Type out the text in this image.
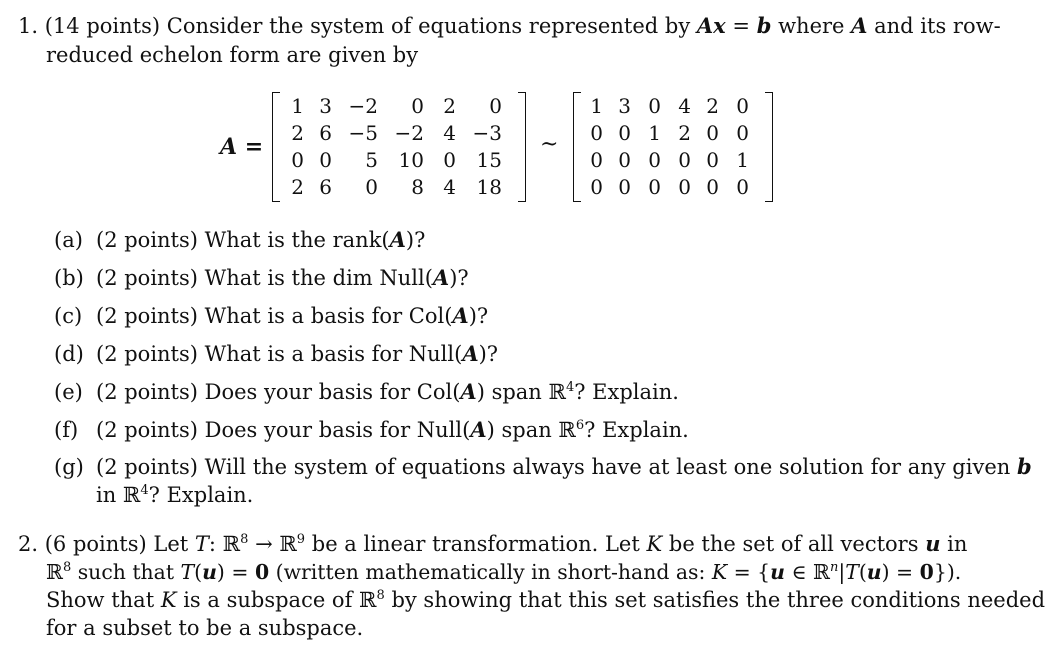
1. (14 points) Consider the system of equations represented by Ax = b where A and its row-
reduced echelon form are given by
A =
1	3	−2	0	2	0
2	6	−5	−2	4	−3
0	0	5	10	0	15
2	6	0	8	4	18
~
1	3	0	4	2	0
0	0	1	2	0	0
0	0	0	0	0	1
0	0	0	0	0	0
(a) (2 points) What is the rank(A)?
(b) (2 points) What is the dim Null(A)?
(c) (2 points) What is a basis for Col(A)?
(d) (2 points) What is a basis for Null(A)?
(e) (2 points) Does your basis for Col(A) span ℝ$^4$? Explain.
(f) (2 points) Does your basis for Null(A) span ℝ$^6$? Explain.
(g) (2 points) Will the system of equations always have at least one solution for any given b
in ℝ$^4$? Explain.
2. (6 points) Let T: ℝ$^8$ → ℝ$^9$ be a linear transformation. Let K be the set of all vectors u in
ℝ$^8$ such that T(u) = 0 (written mathematically in short-hand as: K = {u ∈ ℝ$^n$|T(u) = 0}).
Show that K is a subspace of ℝ$^8$ by showing that this set satisfies the three conditions needed
for a subset to be a subspace.
